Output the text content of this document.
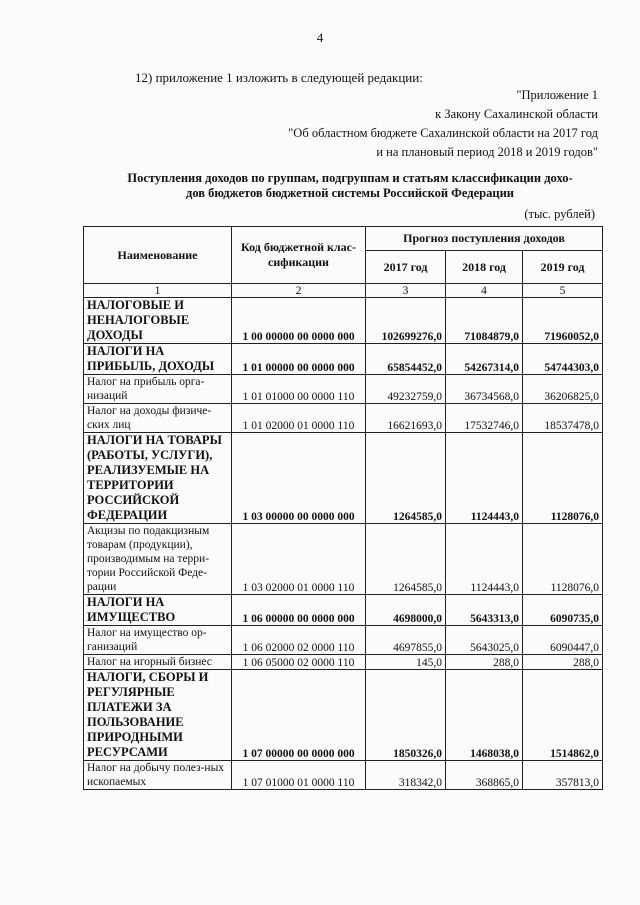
4
12) приложение 1 изложить в следующей редакции:
"Приложение 1
к Закону Сахалинской области
"Об областном бюджете Сахалинской области на 2017 год
и на плановый период 2018 и 2019 годов"
Поступления доходов по группам, подгруппам и статьям классификации дохо-
дов бюджетов бюджетной системы Российской Федерации
(тыс. рублей)
Наименование	Код бюджетной клас-сификации	Прогноз поступления доходов		
		2017 год	2018 год	2019 год
1	2	3	4	5
НАЛОГОВЫЕ И НЕНАЛОГОВЫЕ ДОХОДЫ	1 00 00000 00 0000 000	102699276,0	71084879,0	71960052,0
НАЛОГИ НА ПРИБЫЛЬ, ДОХОДЫ	1 01 00000 00 0000 000	65854452,0	54267314,0	54744303,0
Налог на прибыль орга-низаций	1 01 01000 00 0000 110	49232759,0	36734568,0	36206825,0
Налог на доходы физиче-ских лиц	1 01 02000 01 0000 110	16621693,0	17532746,0	18537478,0
НАЛОГИ НА ТОВАРЫ (РАБОТЫ, УСЛУГИ), РЕАЛИЗУЕМЫЕ НА ТЕРРИТОРИИ РОССИЙСКОЙ ФЕДЕРАЦИИ	1 03 00000 00 0000 000	1264585,0	1124443,0	1128076,0
Акцизы по подакцизным товарам (продукции), производимым на терри-тории Российской Феде-рации	1 03 02000 01 0000 110	1264585,0	1124443,0	1128076,0
НАЛОГИ НА ИМУЩЕСТВО	1 06 00000 00 0000 000	4698000,0	5643313,0	6090735,0
Налог на имущество ор-ганизаций	1 06 02000 02 0000 110	4697855,0	5643025,0	6090447,0
Налог на игорный бизнес	1 06 05000 02 0000 110	145,0	288,0	288,0
НАЛОГИ, СБОРЫ И РЕГУЛЯРНЫЕ ПЛАТЕЖИ ЗА ПОЛЬЗОВАНИЕ ПРИРОДНЫМИ РЕСУРСАМИ	1 07 00000 00 0000 000	1850326,0	1468038,0	1514862,0
Налог на добычу полез-ных ископаемых	1 07 01000 01 0000 110	318342,0	368865,0	357813,0
